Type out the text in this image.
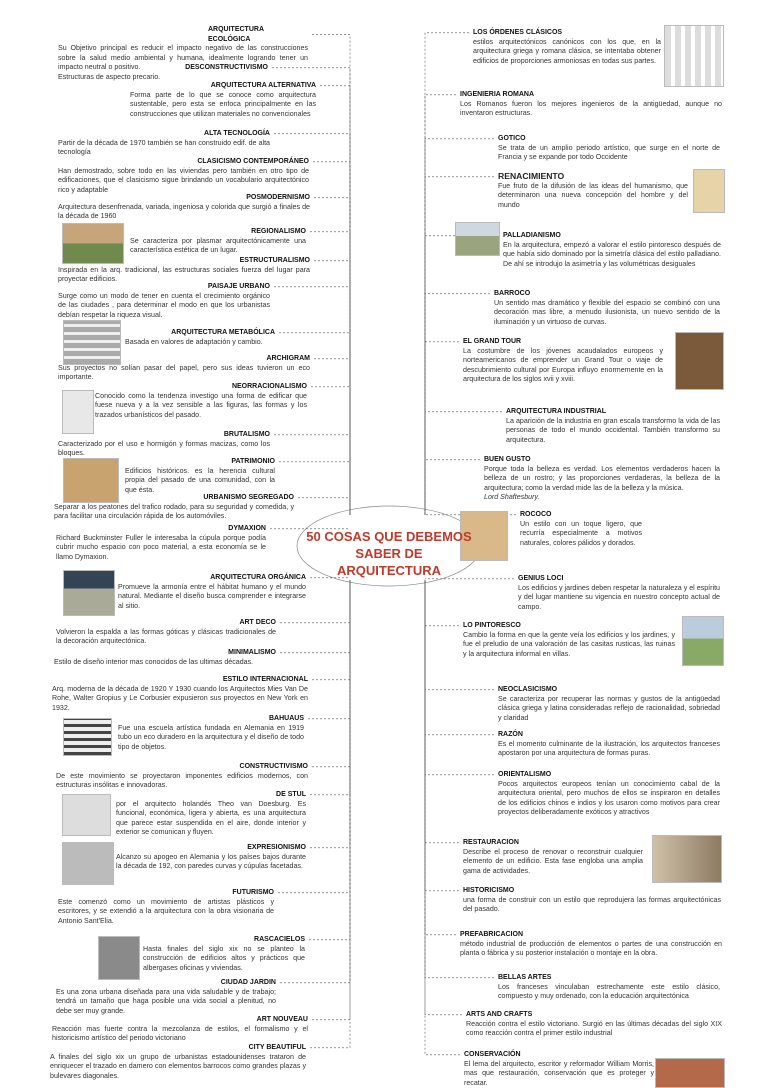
50 COSAS QUE DEBEMOS
SABER DE ARQUITECTURA
ARQUITECTURA ECOLÓGICA
Su Objetivo principal es reducir el impacto negativo de las construcciones sobre la salud medio ambiental y humana, idealmente logrando tener un impacto neutral o positivo.	DESCONSTRUCTIVISMO
Estructuras de aspecto precario.
ARQUITECTURA ALTERNATIVA
Forma parte de lo que se conoce como arquitectura sustentable, pero esta se enfoca principalmente en las construcciones que utilizan materiales no convencionales
ALTA TECNOLOGÍA
Partir de la década de 1970 también se han construido edif. de alta tecnología
CLASICISMO CONTEMPORÁNEO
Han demostrado, sobre todo en las viviendas pero también en otro tipo de edificaciones, que el clasicismo sigue brindando un vocabulario arquitectónico rico y adaptable
POSMODERNISMO
Arquitectura desenfrenada, variada, ingeniosa y colorida que surgió a finales de la década de 1960
REGIONALISMO
Se caracteriza por plasmar arquitectónicamente una característica estética de un lugar.
ESTRUCTURALISMO
Inspirada en la arq. tradicional, las estructuras sociales fuerza del lugar para proyectar edificios.
PAISAJE URBANO
Surge como un modo de tener en cuenta el crecimiento orgánico de las ciudades , para determinar el modo en que los urbanistas debían respetar la riqueza visual.
ARQUITECTURA METABÓLICA
Basada en valores de adaptación y cambio.
ARCHIGRAM
Sus proyectos no solían pasar del papel, pero sus ideas tuvieron un eco importante.
NEORRACIONALISMO
Conocido como la tendenza investigo una forma de edificar que fuese nueva y a la vez sensible a las figuras, las formas y los trazados urbanísticos del pasado.
BRUTALISMO
Caracterizado por el uso e hormigón y formas macizas, como los bloques.
PATRIMONIO
Edificios históricos. es la herencia cultural propia del pasado de una comunidad, con la que ésta.
URBANISMO SEGREGADO
Separar a los peatones del trafico rodado, para su seguridad y comedida, y para facilitar una circulación rápida de los automóviles.
DYMAXION
Richard Buckminster Fuller le interesaba la cúpula porque podía cubrir mucho espacio con poco material, a esta economía se le llamo Dymaxion.
ARQUITECTURA ORGÁNICA
Promueve la armonía entre el hábitat humano y el mundo natural. Mediante el diseño busca comprender e integrarse al sitio.
ART DECO
Volvieron la espalda a las formas góticas y clásicas tradicionales de la decoración arquitectónica.
MINIMALISMO
Estilo de diseño interior mas conocidos de las ultimas décadas.
ESTILO INTERNACIONAL
Arq. moderna de la década de 1920 Y 1930 cuando los Arquitectos Mies Van De Rohe, Walter Gropius y Le Corbusier expusieron sus proyectos en New York en 1932.
BAHUAUS
Fue una escuela artística fundada en Alemania en 1919 tubo un eco duradero en la arquitectura y el diseño de todo tipo de objetos.
CONSTRUCTIVISMO
De este movimiento se proyectaron imponentes edificios modernos, con estructuras insólitas e innovadoras.
DE STUL
por el arquitecto holandés Theo van Doesburg. Es funcional, económica, ligera y abierta, es una arquitectura que parece estar suspendida en el aire, donde interior y exterior se comunican y fluyen.
EXPRESIONISMO
Alcanzo su apogeo en Alemania y los países bajos durante la década de 192, con paredes curvas y cúpulas facetadas.
FUTURISMO
Este comenzó como un movimiento de artistas plásticos y escritores, y se extendió a la arquitectura con la obra visionaria de Antonio Sant'Elia.
RASCACIELOS
Hasta finales del siglo xix no se planteo la construcción de edificios altos y prácticos que albergases oficinas y viviendas.
CIUDAD JARDIN
Es una zona urbana diseñada para una vida saludable y de trabajo; tendrá un tamaño que haga posible una vida social a plenitud, no debe ser muy grande.
ART NOUVEAU
Reacción mas fuerte contra la mezcolanza de estilos, el formalismo y el historicismo artístico del periodo victoriano
CITY BEAUTIFUL
A finales del siglo xix un grupo de urbanistas estadounidenses trataron de enriquecer el trazado en damero con elementos barrocos como grandes plazas y bulevares diagonales.
LOS ÓRDENES CLÁSICOS
estilos arquitectónicos canónicos con los que, en la arquitectura griega y romana clásica, se intentaba obtener edificios de proporciones armoniosas en todas sus partes.
INGENIERIA ROMANA
Los Romanos fueron los mejores ingenieros de la antigüedad, aunque no inventaron estructuras.
GOTICO
Se trata de un amplio periodo artístico, que surge en el norte de Francia y se expande por todo Occidente
RENACIMIENTO
Fue fruto de la difusión de las ideas del humanismo, que determinaron una nueva concepción del hombre y del mundo
PALLADIANISMO
En la arquitectura, empezó a valorar el estilo pintoresco después de que había sido dominado por la simetría clásica del estilo palladiano. De ahí se introdujo la asimetría y las volumétricas desiguales
BARROCO
Un sentido mas dramático y flexible del espacio se combinó con una decoración mas libre, a menudo ilusionista, un nuevo sentido de la iluminación y un virtuoso de curvas.
EL GRAND TOUR
La costumbre de los jóvenes acaudalados europeos y norteamericanos de emprender un Grand Tour o viaje de descubrimiento cultural por Europa influyo enormemente en la arquitectura de los siglos xvii y xviii.
ARQUITECTURA INDUSTRIAL
La aparición de la industria en gran escala transformo la vida de las personas de todo el mundo occidental. También transformo su arquitectura.
BUEN GUSTO
Porque toda la belleza es verdad. Los elementos verdaderos hacen la belleza de un rostro; y las proporciones verdaderas, la belleza de la arquitectura; como la verdad mide las de la belleza y la música.
Lord Shaftesbury.
ROCOCO
Un estilo con un toque ligero, que recurría especialmente a motivos naturales, colores pálidos y dorados.
GENIUS LOCI
Los edificios y jardines deben respetar la naturaleza y el espíritu y del lugar mantiene su vigencia en nuestro concepto actual de campo.
LO PINTORESCO
Cambio la forma en que la gente veía los edificios y los jardines, y fue el preludio de una valoración de las casitas rusticas, las ruinas y la arquitectura informal en villas.
NEOCLASICISMO
Se caracteriza por recuperar las normas y gustos de la antigüedad clásica griega y latina consideradas reflejo de racionalidad, sobriedad y claridad
RAZÓN
Es el momento culminante de la ilustración, los arquitectos franceses apostaron por una arquitectura de formas puras.
ORIENTALISMO
Pocos arquitectos europeos tenían un conocimiento cabal de la arquitectura oriental, pero muchos de ellos se inspiraron en detalles de los edificios chinos e indios y los usaron como motivos para crear proyectos deliberadamente exóticos y atractivos
RESTAURACION
Describe el proceso de renovar o reconstruir cualquier elemento de un edificio. Esta fase engloba una amplia gama de actividades.
HISTORICISMO
una forma de construir con un estilo que reprodujera las formas arquitectónicas del pasado.
PREFABRICACION
método industrial de producción de elementos o partes de una construcción en planta o fábrica y su posterior instalación o montaje en la obra.
BELLAS ARTES
Los franceses vinculaban estrechamente este estilo clásico, compuesto y muy ordenado, con la educación arquitectónica
ARTS AND CRAFTS
Reacción contra el estilo victoriano. Surgió en las últimas décadas del siglo XIX como reacción contra el primer estilo industrial
CONSERVACIÓN
El lema del arquitecto, escritor y reformador William Morris, mas que restauración, conservación que es proteger y recatar.
